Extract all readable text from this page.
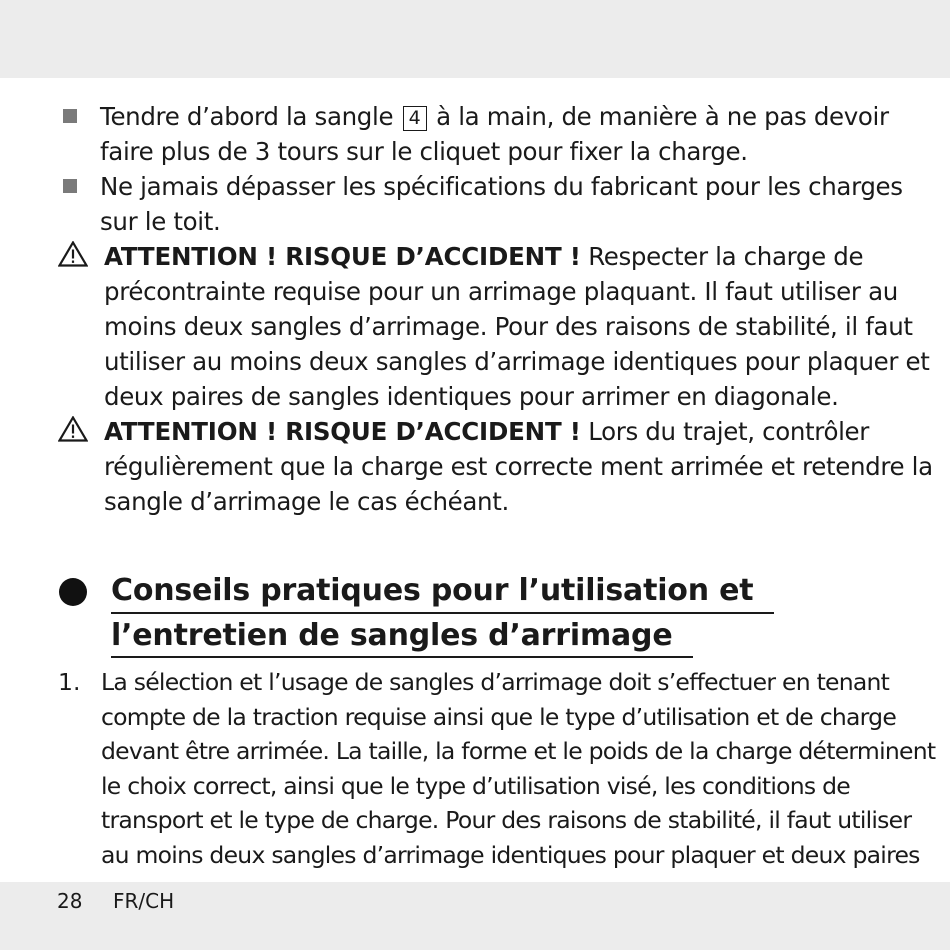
Tendre d’abord la sangle 4 à la main, de manière à ne pas devoir
faire plus de 3 tours sur le cliquet pour fixer la charge.
Ne jamais dépasser les spécifications du fabricant pour les charges
sur le toit.
ATTENTION ! RISQUE D’ACCIDENT ! Respecter la charge de
précontrainte requise pour un arrimage plaquant. Il faut utiliser au
moins deux sangles d’arrimage. Pour des raisons de stabilité, il faut
utiliser au moins deux sangles d’arrimage identiques pour plaquer et
deux paires de sangles identiques pour arrimer en diagonale.
ATTENTION ! RISQUE D’ACCIDENT ! Lors du trajet, contrôler
régulièrement que la charge est correcte ment arrimée et retendre la
sangle d’arrimage le cas échéant.
Conseils pratiques pour l’utilisation et
l’entretien de sangles d’arrimage
1. La sélection et l’usage de sangles d’arrimage doit s’effectuer en tenant
compte de la traction requise ainsi que le type d’utilisation et de charge
devant être arrimée. La taille, la forme et le poids de la charge déterminent
le choix correct, ainsi que le type d’utilisation visé, les conditions de
transport et le type de charge. Pour des raisons de stabilité, il faut utiliser
au moins deux sangles d’arrimage identiques pour plaquer et deux paires
28 FR/CH
